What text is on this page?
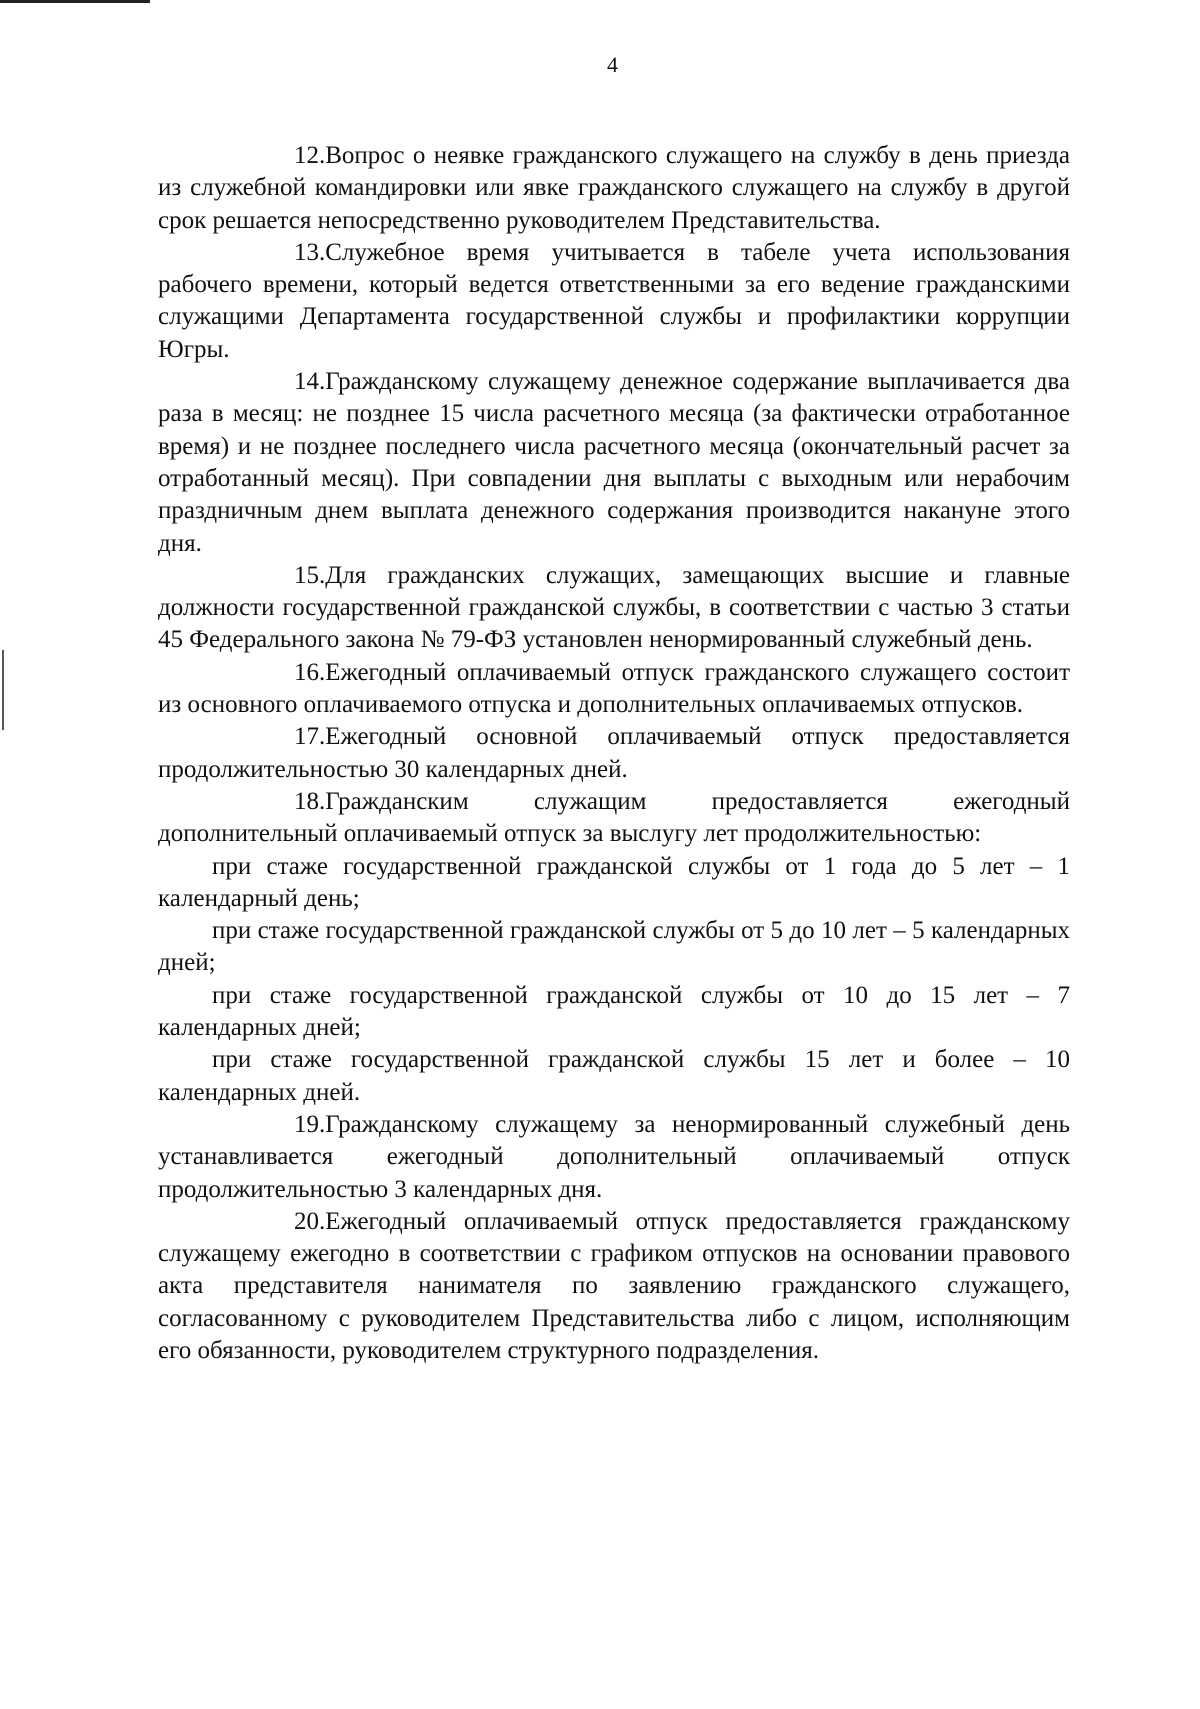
4

12.Вопрос о неявке гражданского служащего на службу в день приезда из служебной командировки или явке гражданского служащего на службу в другой срок решается непосредственно руководителем Представительства.

13.Служебное время учитывается в табеле учета использования рабочего времени, который ведется ответственными за его ведение гражданскими служащими Департамента государственной службы и профилактики коррупции Югры.

14.Гражданскому служащему денежное содержание выплачивается два раза в месяц: не позднее 15 числа расчетного месяца (за фактически отработанное время) и не позднее последнего числа расчетного месяца (окончательный расчет за отработанный месяц). При совпадении дня выплаты с выходным или нерабочим праздничным днем выплата денежного содержания производится накануне этого дня.

15.Для гражданских служащих, замещающих высшие и главные должности государственной гражданской службы, в соответствии с частью 3 статьи 45 Федерального закона № 79-ФЗ установлен ненормированный служебный день.

16.Ежегодный оплачиваемый отпуск гражданского служащего состоит из основного оплачиваемого отпуска и дополнительных оплачиваемых отпусков.

17.Ежегодный основной оплачиваемый отпуск предоставляется продолжительностью 30 календарных дней.

18.Гражданским служащим предоставляется ежегодный дополнительный оплачиваемый отпуск за выслугу лет продолжительностью:

при стаже государственной гражданской службы от 1 года до 5 лет – 1 календарный день;

при стаже государственной гражданской службы от 5 до 10 лет – 5 календарных дней;

при стаже государственной гражданской службы от 10 до 15 лет – 7 календарных дней;

при стаже государственной гражданской службы 15 лет и более – 10 календарных дней.

19.Гражданскому служащему за ненормированный служебный день устанавливается ежегодный дополнительный оплачиваемый отпуск продолжительностью 3 календарных дня.

20.Ежегодный оплачиваемый отпуск предоставляется гражданскому служащему ежегодно в соответствии с графиком отпусков на основании правового акта представителя нанимателя по заявлению гражданского служащего, согласованному с руководителем Представительства либо с лицом, исполняющим его обязанности, руководителем структурного подразделения.
